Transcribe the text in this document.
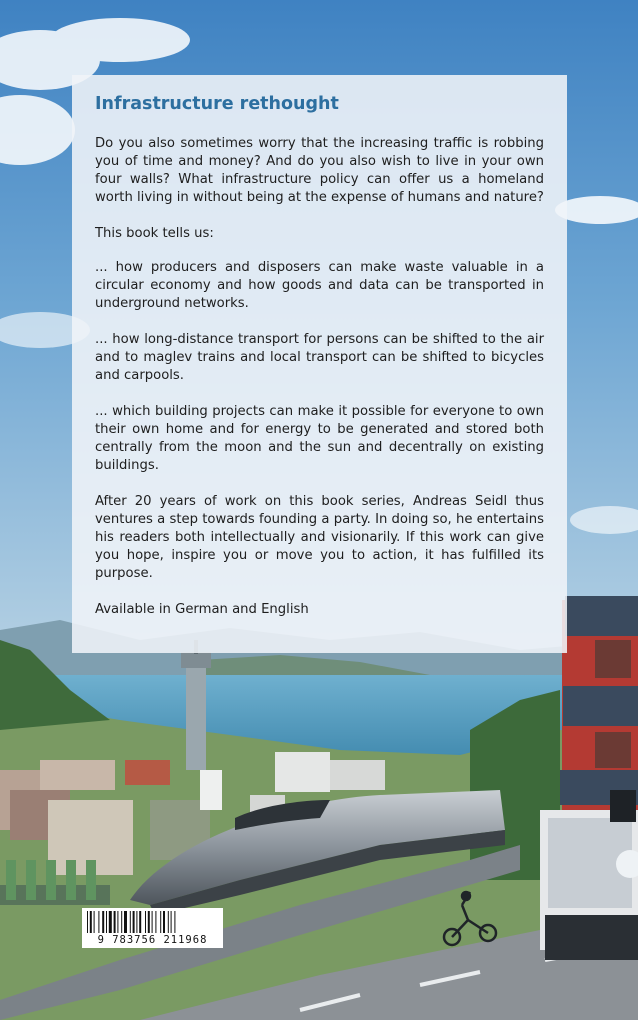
Infrastructure rethought

Do you also sometimes worry that the increasing traffic is robbing you of time and money? And do you also wish to live in your own four walls? What infrastructure policy can offer us a homeland worth living in without being at the expense of humans and nature?

This book tells us:

... how producers and disposers can make waste valuable in a circular economy and how goods and data can be transported in underground networks.

... how long-distance transport for persons can be shifted to the air and to maglev trains and local transport can be shifted to bicycles and carpools.

... which building projects can make it possible for everyone to own their own home and for energy to be generated and stored both centrally from the moon and the sun and decentrally on existing buildings.

After 20 years of work on this book series, Andreas Seidl thus ventures a step towards founding a party. In doing so, he entertains his readers both intellectually and visionarily. If this work can give you hope, inspire you or move you to action, it has fulfilled its purpose.

Available in German and English

9 783756 211968
